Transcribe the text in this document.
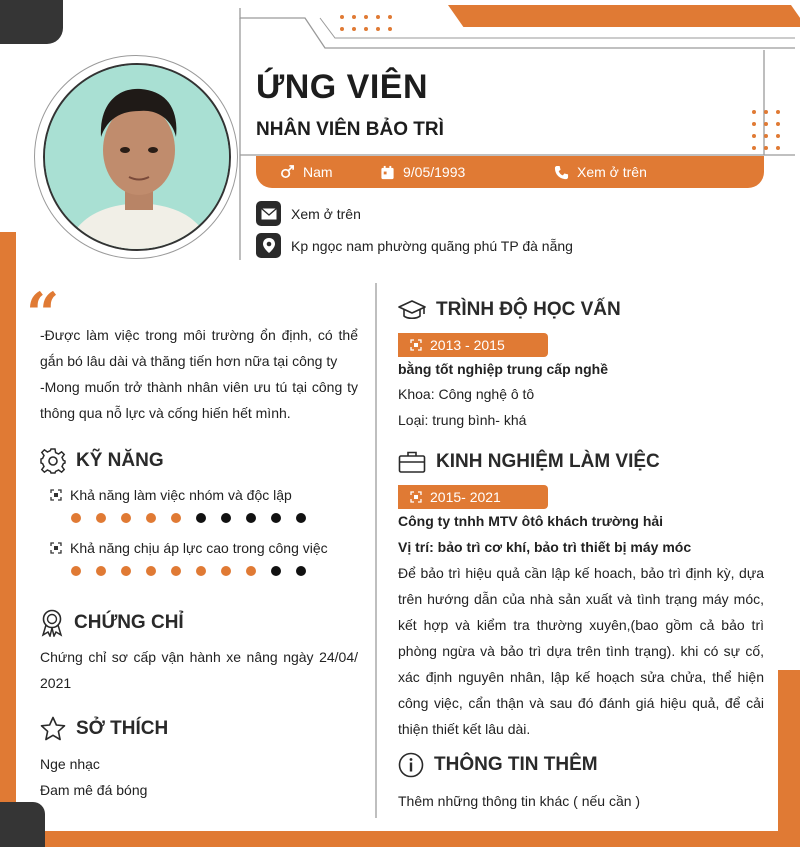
ỨNG VIÊN
NHÂN VIÊN BẢO TRÌ
Nam	9/05/1993	Xem ở trên
Xem ở trên
Kp ngọc nam phường quãng phú TP đà nẵng
“
-Được làm việc trong môi trường ổn định, có thể gắn bó lâu dài và thăng tiến hơn nữa tại công ty
-Mong muốn trở thành nhân viên ưu tú tại công ty thông qua nỗ lực và cống hiến hết mình.
KỸ NĂNG
Khả năng làm việc nhóm và độc lập
Khả năng chịu áp lực cao trong công việc
CHỨNG CHỈ
Chứng chỉ sơ cấp vận hành xe nâng ngày 24/04/ 2021
SỞ THÍCH
Nge nhạc
Đam mê đá bóng
TRÌNH ĐỘ HỌC VẤN
2013 - 2015
bằng tốt nghiệp trung cấp nghề
Khoa: Công nghệ ô tô
Loại: trung bình- khá
KINH NGHIỆM LÀM VIỆC
2015- 2021
Công ty tnhh MTV ôtô khách trường hải
Vị trí: bảo trì cơ khí, bảo trì thiết bị máy móc
Để bảo trì hiệu quả cần lập kế hoach, bảo trì định kỳ, dựa trên hướng dẫn của nhà sản xuất và tình trạng máy móc, kết hợp và kiểm tra thường xuyên,(bao gồm cả bảo trì phòng ngừa và bảo trì dựa trên tình trạng). khi có sự cố, xác định nguyên nhân, lập kế hoạch sửa chửa, thể hiện công việc, cẩn thận và sau đó đánh giá hiệu quả, để cải thiện thiết kết lâu dài.
THÔNG TIN THÊM
Thêm những thông tin khác ( nếu cần )
